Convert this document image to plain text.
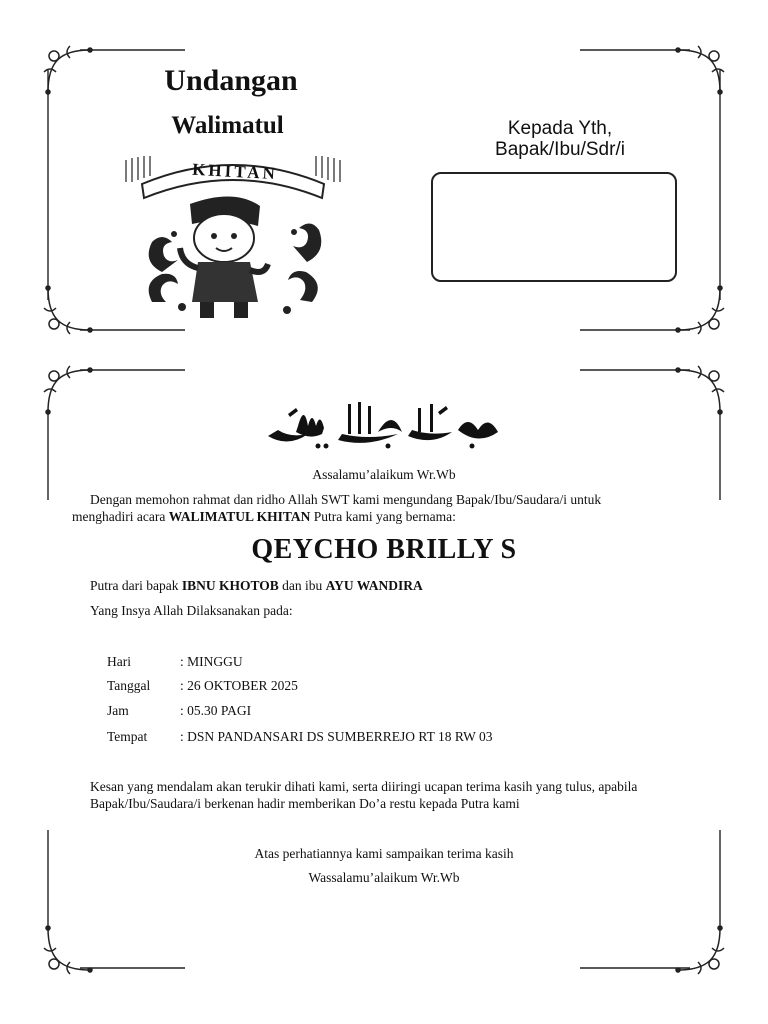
Undangan
Walimatul
KHITAN
Kepada Yth,
Bapak/Ibu/Sdr/i
Assalamu’alaikum Wr.Wb
Dengan memohon rahmat dan ridho Allah SWT kami mengundang Bapak/Ibu/Saudara/i untuk
menghadiri acara WALIMATUL KHITAN Putra kami yang bernama:
QEYCHO BRILLY S
Putra dari bapak IBNU KHOTOB dan ibu AYU WANDIRA
Yang Insya Allah Dilaksanakan pada:
Hari	: MINGGU
Tanggal : 26 OKTOBER 2025
Jam	: 05.30 PAGI
Tempat : DSN PANDANSARI DS SUMBERREJO RT 18 RW 03
Kesan yang mendalam akan terukir dihati kami, serta diiringi ucapan terima kasih yang tulus, apabila
Bapak/Ibu/Saudara/i berkenan hadir memberikan Do’a restu kepada Putra kami
Atas perhatiannya kami sampaikan terima kasih
Wassalamu’alaikum Wr.Wb
